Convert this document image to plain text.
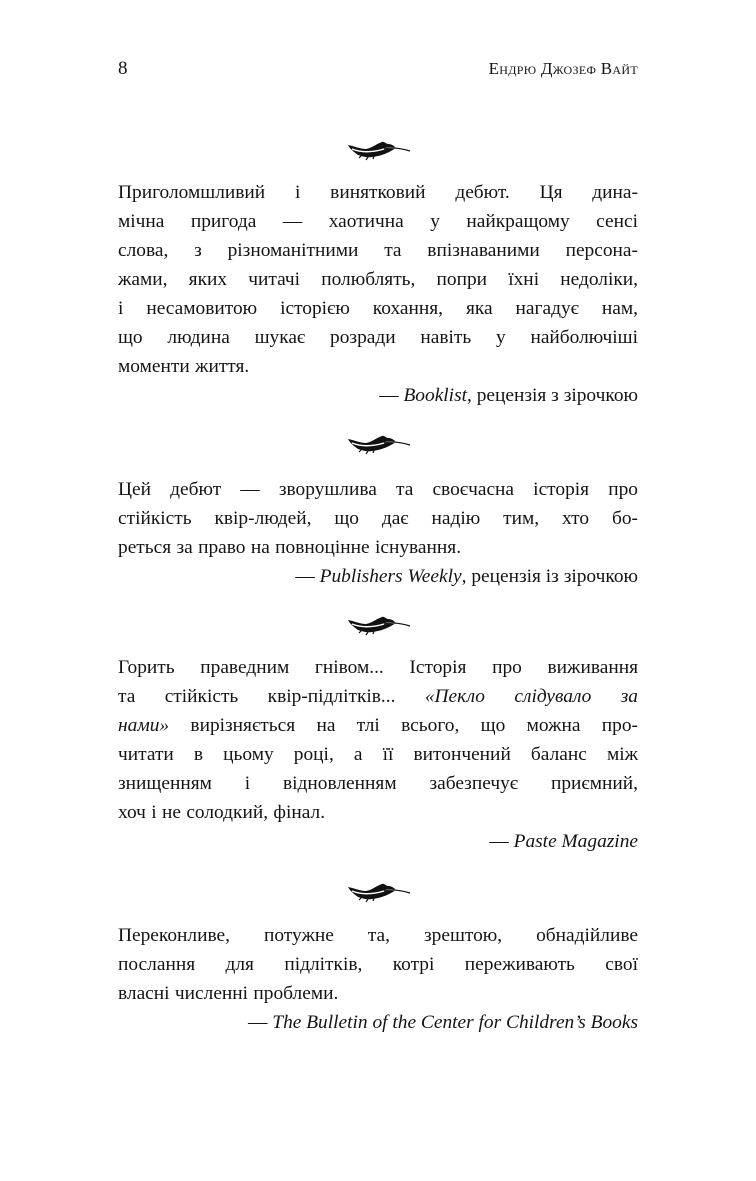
8	Ендрю Джозеф Вайт

Приголомшливий і винятковий дебют. Ця дина-
мічна пригода — хаотична у найкращому сенсі
слова, з різноманітними та впізнаваними персона-
жами, яких читачі полюблять, попри їхні недоліки,
і несамовитою історією кохання, яка нагадує нам,
що людина шукає розради навіть у найболючіші
моменти життя.

— Booklist, рецензія з зірочкою

Цей дебют — зворушлива та своєчасна історія про
стійкість квір-людей, що дає надію тим, хто бо-
реться за право на повноцінне існування.

— Publishers Weekly, рецензія із зірочкою

Горить праведним гнівом... Історія про виживання
та стійкість квір-підлітків... «Пекло слідувало за
нами» вирізняється на тлі всього, що можна про-
читати в цьому році, а її витончений баланс між
знищенням і відновленням забезпечує приємний,
хоч і не солодкий, фінал.

— Paste Magazine

Переконливе, потужне та, зрештою, обнадійливе
послання для підлітків, котрі переживають свої
власні численні проблеми.

— The Bulletin of the Center for Children’s Books
